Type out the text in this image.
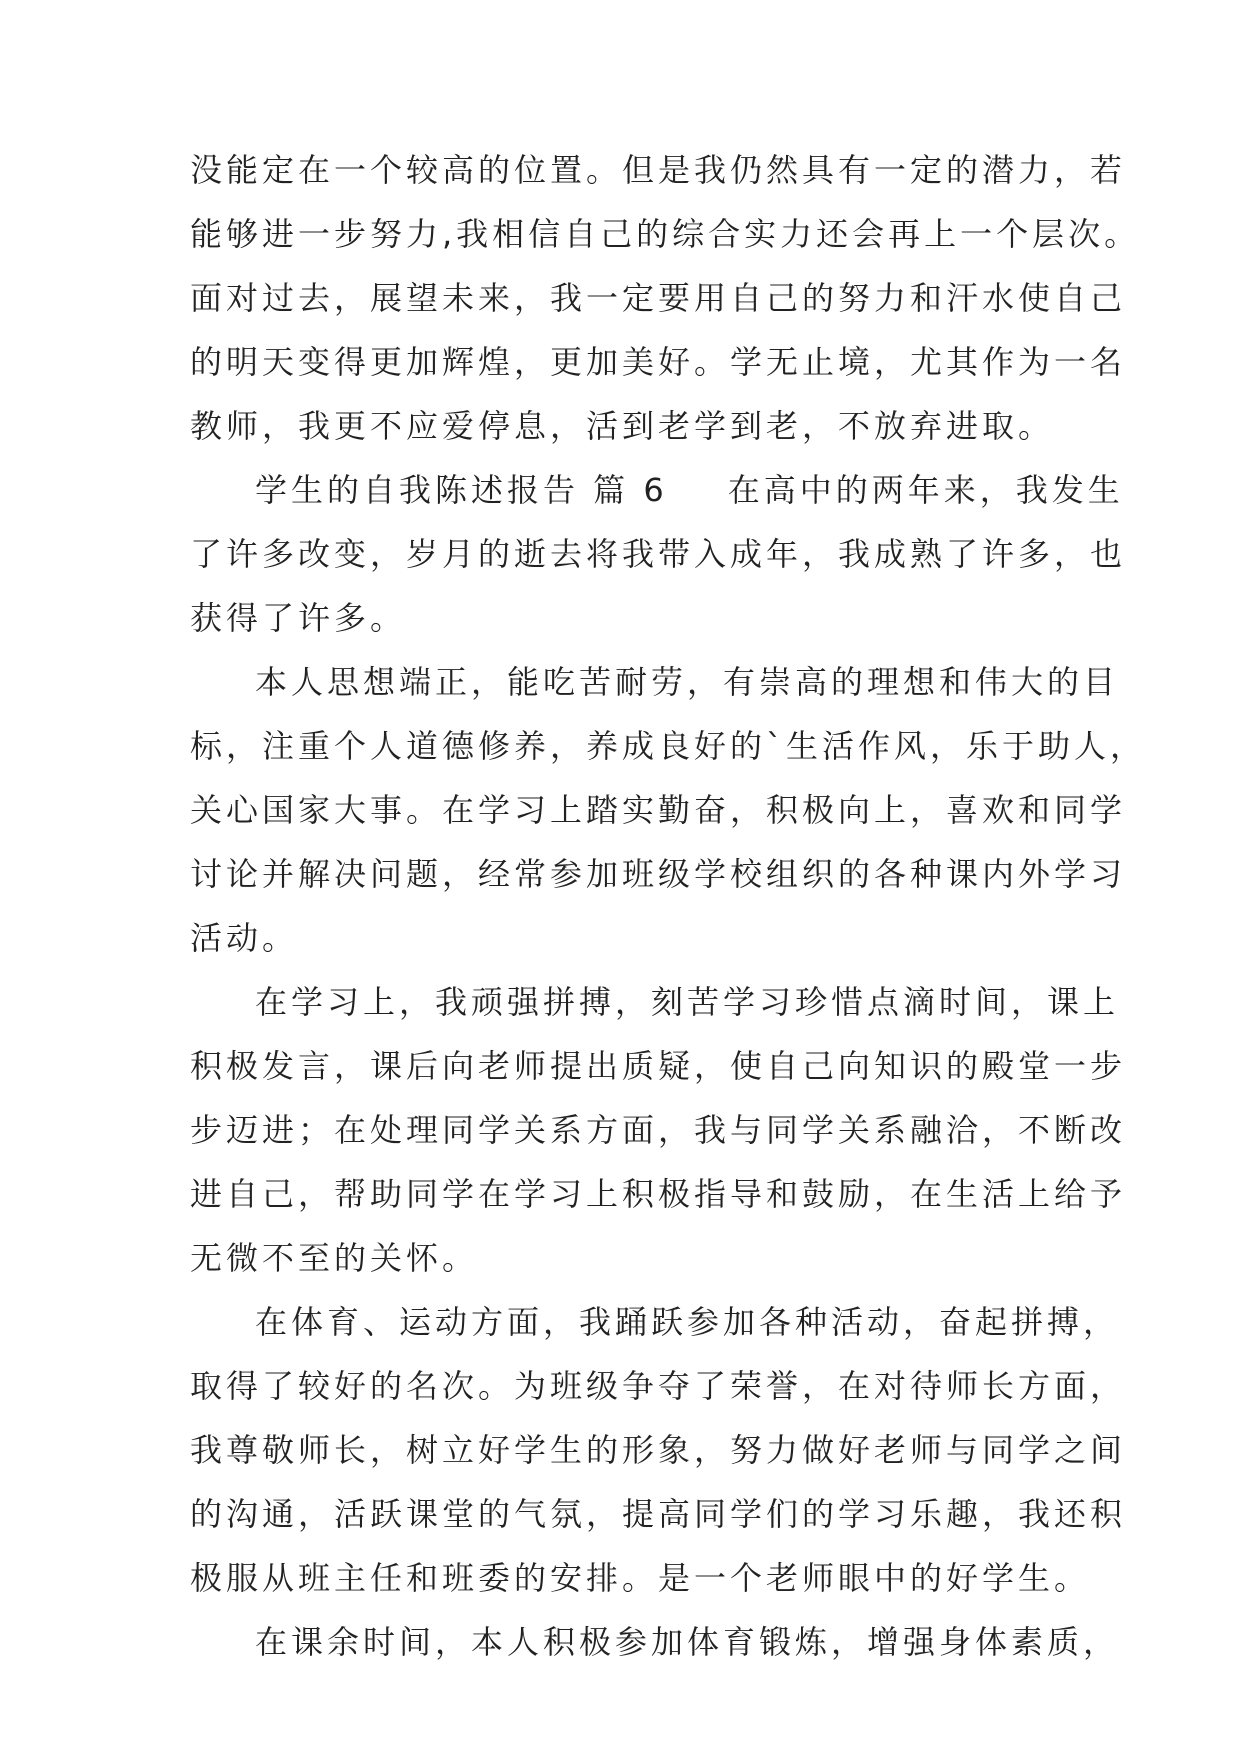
没能定在一个较高的位置。但是我仍然具有一定的潜力，若
能够进一步努力,我相信自己的综合实力还会再上一个层次。
面对过去，展望未来，我一定要用自己的努力和汗水使自己
的明天变得更加辉煌，更加美好。学无止境，尤其作为一名
教师，我更不应爱停息，活到老学到老，不放弃进取。
学生的自我陈述报告 篇 6 在高中的两年来，我发生
了许多改变，岁月的逝去将我带入成年，我成熟了许多，也
获得了许多。
本人思想端正，能吃苦耐劳，有崇高的理想和伟大的目
标，注重个人道德修养，养成良好的`生活作风，乐于助人，
关心国家大事。在学习上踏实勤奋，积极向上，喜欢和同学
讨论并解决问题，经常参加班级学校组织的各种课内外学习
活动。
在学习上，我顽强拼搏，刻苦学习珍惜点滴时间，课上
积极发言，课后向老师提出质疑，使自己向知识的殿堂一步
步迈进；在处理同学关系方面，我与同学关系融洽，不断改
进自己，帮助同学在学习上积极指导和鼓励，在生活上给予
无微不至的关怀。
在体育、运动方面，我踊跃参加各种活动，奋起拼搏，
取得了较好的名次。为班级争夺了荣誉，在对待师长方面，
我尊敬师长，树立好学生的形象，努力做好老师与同学之间
的沟通，活跃课堂的气氛，提高同学们的学习乐趣，我还积
极服从班主任和班委的安排。是一个老师眼中的好学生。
在课余时间，本人积极参加体育锻炼，增强身体素质，
